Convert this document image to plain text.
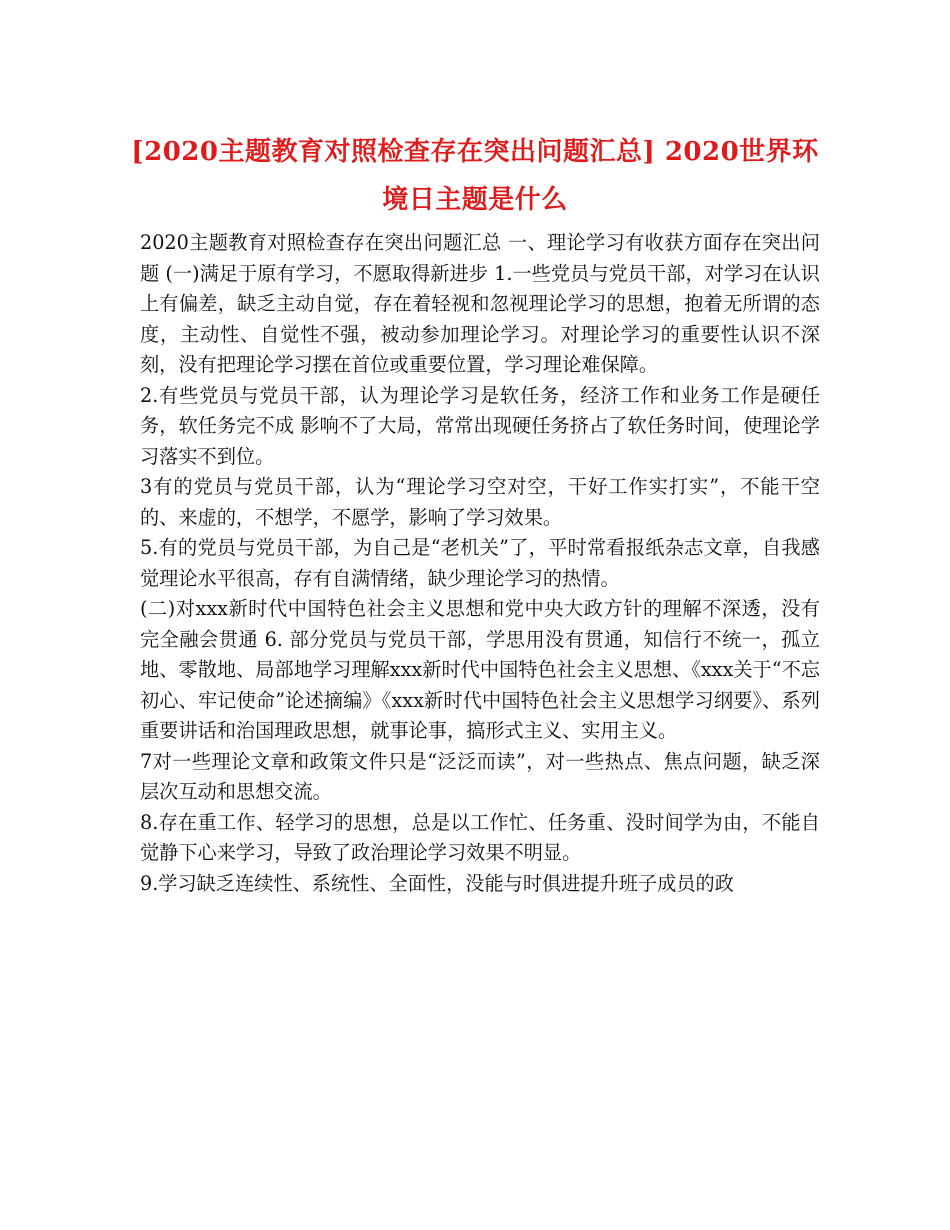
[2020主题教育对照检查存在突出问题汇总] 2020世界环境日主题是什么

2020主题教育对照检查存在突出问题汇总 一、理论学习有收获方面存在突出问题 (一)满足于原有学习，不愿取得新进步 1.一些党员与党员干部，对学习在认识上有偏差，缺乏主动自觉，存在着轻视和忽视理论学习的思想，抱着无所谓的态度，主动性、自觉性不强，被动参加理论学习。对理论学习的重要性认识不深刻，没有把理论学习摆在首位或重要位置，学习理论难保障。

2.有些党员与党员干部，认为理论学习是软任务，经济工作和业务工作是硬任务，软任务完不成 影响不了大局，常常出现硬任务挤占了软任务时间，使理论学习落实不到位。

3有的党员与党员干部，认为“理论学习空对空，干好工作实打实”，不能干空的、来虚的，不想学，不愿学，影响了学习效果。

5.有的党员与党员干部，为自己是“老机关”了，平时常看报纸杂志文章，自我感觉理论水平很高，存有自满情绪，缺少理论学习的热情。

(二)对xxx新时代中国特色社会主义思想和党中央大政方针的理解不深透，没有完全融会贯通 6. 部分党员与党员干部，学思用没有贯通，知信行不统一，孤立地、零散地、局部地学习理解xxx新时代中国特色社会主义思想、《xxx关于“不忘初心、牢记使命”论述摘编》《xxx新时代中国特色社会主义思想学习纲要》、系列重要讲话和治国理政思想，就事论事，搞形式主义、实用主义。

7对一些理论文章和政策文件只是“泛泛而读”，对一些热点、焦点问题，缺乏深层次互动和思想交流。

8.存在重工作、轻学习的思想，总是以工作忙、任务重、没时间学为由，不能自觉静下心来学习，导致了政治理论学习效果不明显。

9.学习缺乏连续性、系统性、全面性，没能与时俱进提升班子成员的政
